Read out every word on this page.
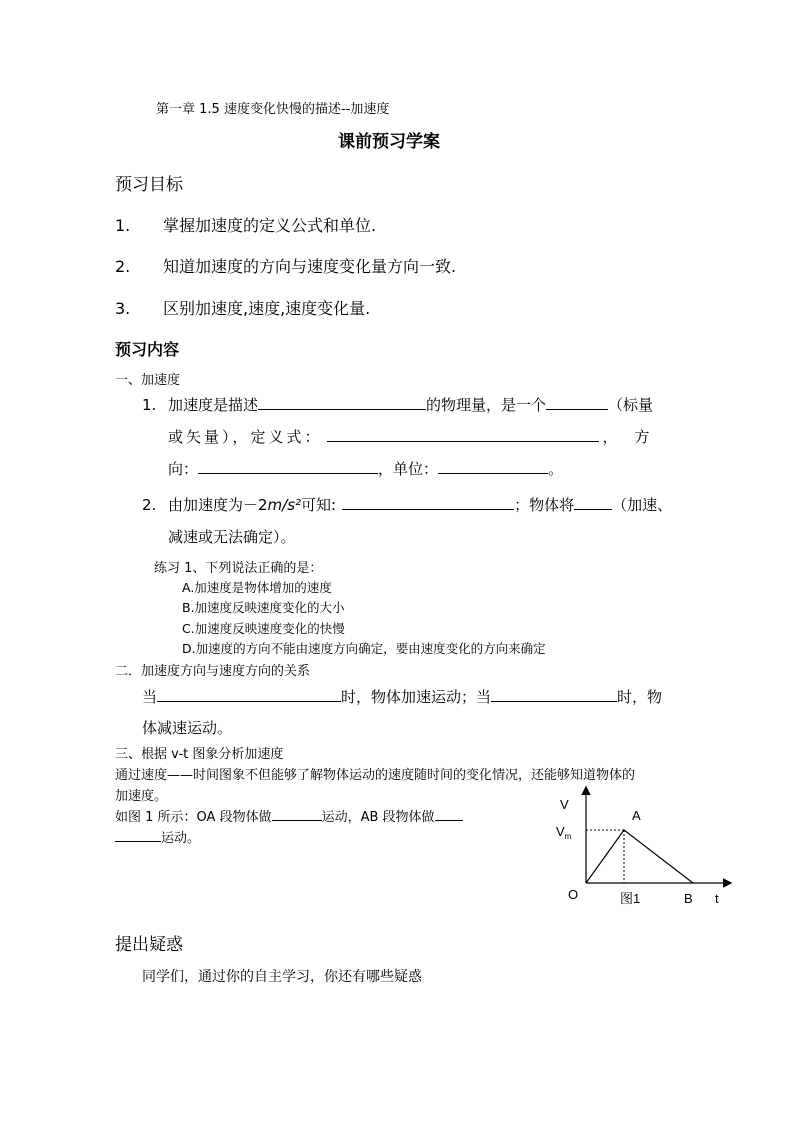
第一章 1.5 速度变化快慢的描述--加速度
课前预习学案
预习目标
1. 掌握加速度的定义公式和单位.
2. 知道加速度的方向与速度变化量方向一致.
3. 区别加速度,速度,速度变化量.
预习内容
一、加速度
1. 加速度是描述	的物理量，是一个	（标量
或矢量），定义式：	， 方
向：	，单位：	。
2. 由加速度为－2m/s²可知:	；物体将	（加速、
减速或无法确定）。
练习 1、下列说法正确的是：
A.加速度是物体增加的速度
B.加速度反映速度变化的大小
C.加速度反映速度变化的快慢
D.加速度的方向不能由速度方向确定，要由速度变化的方向来确定
二．加速度方向与速度方向的关系
当	时，物体加速运动；当	时，物
体减速运动。
三、根据 v-t 图象分析加速度
通过速度——时间图象不但能够了解物体运动的速度随时间的变化情况，还能够知道物体的
加速度。
如图 1 所示：OA 段物体做	运动，AB 段物体做
运动。
V
$V_m$
A
O	图1	B t
提出疑惑
同学们，通过你的自主学习，你还有哪些疑惑
